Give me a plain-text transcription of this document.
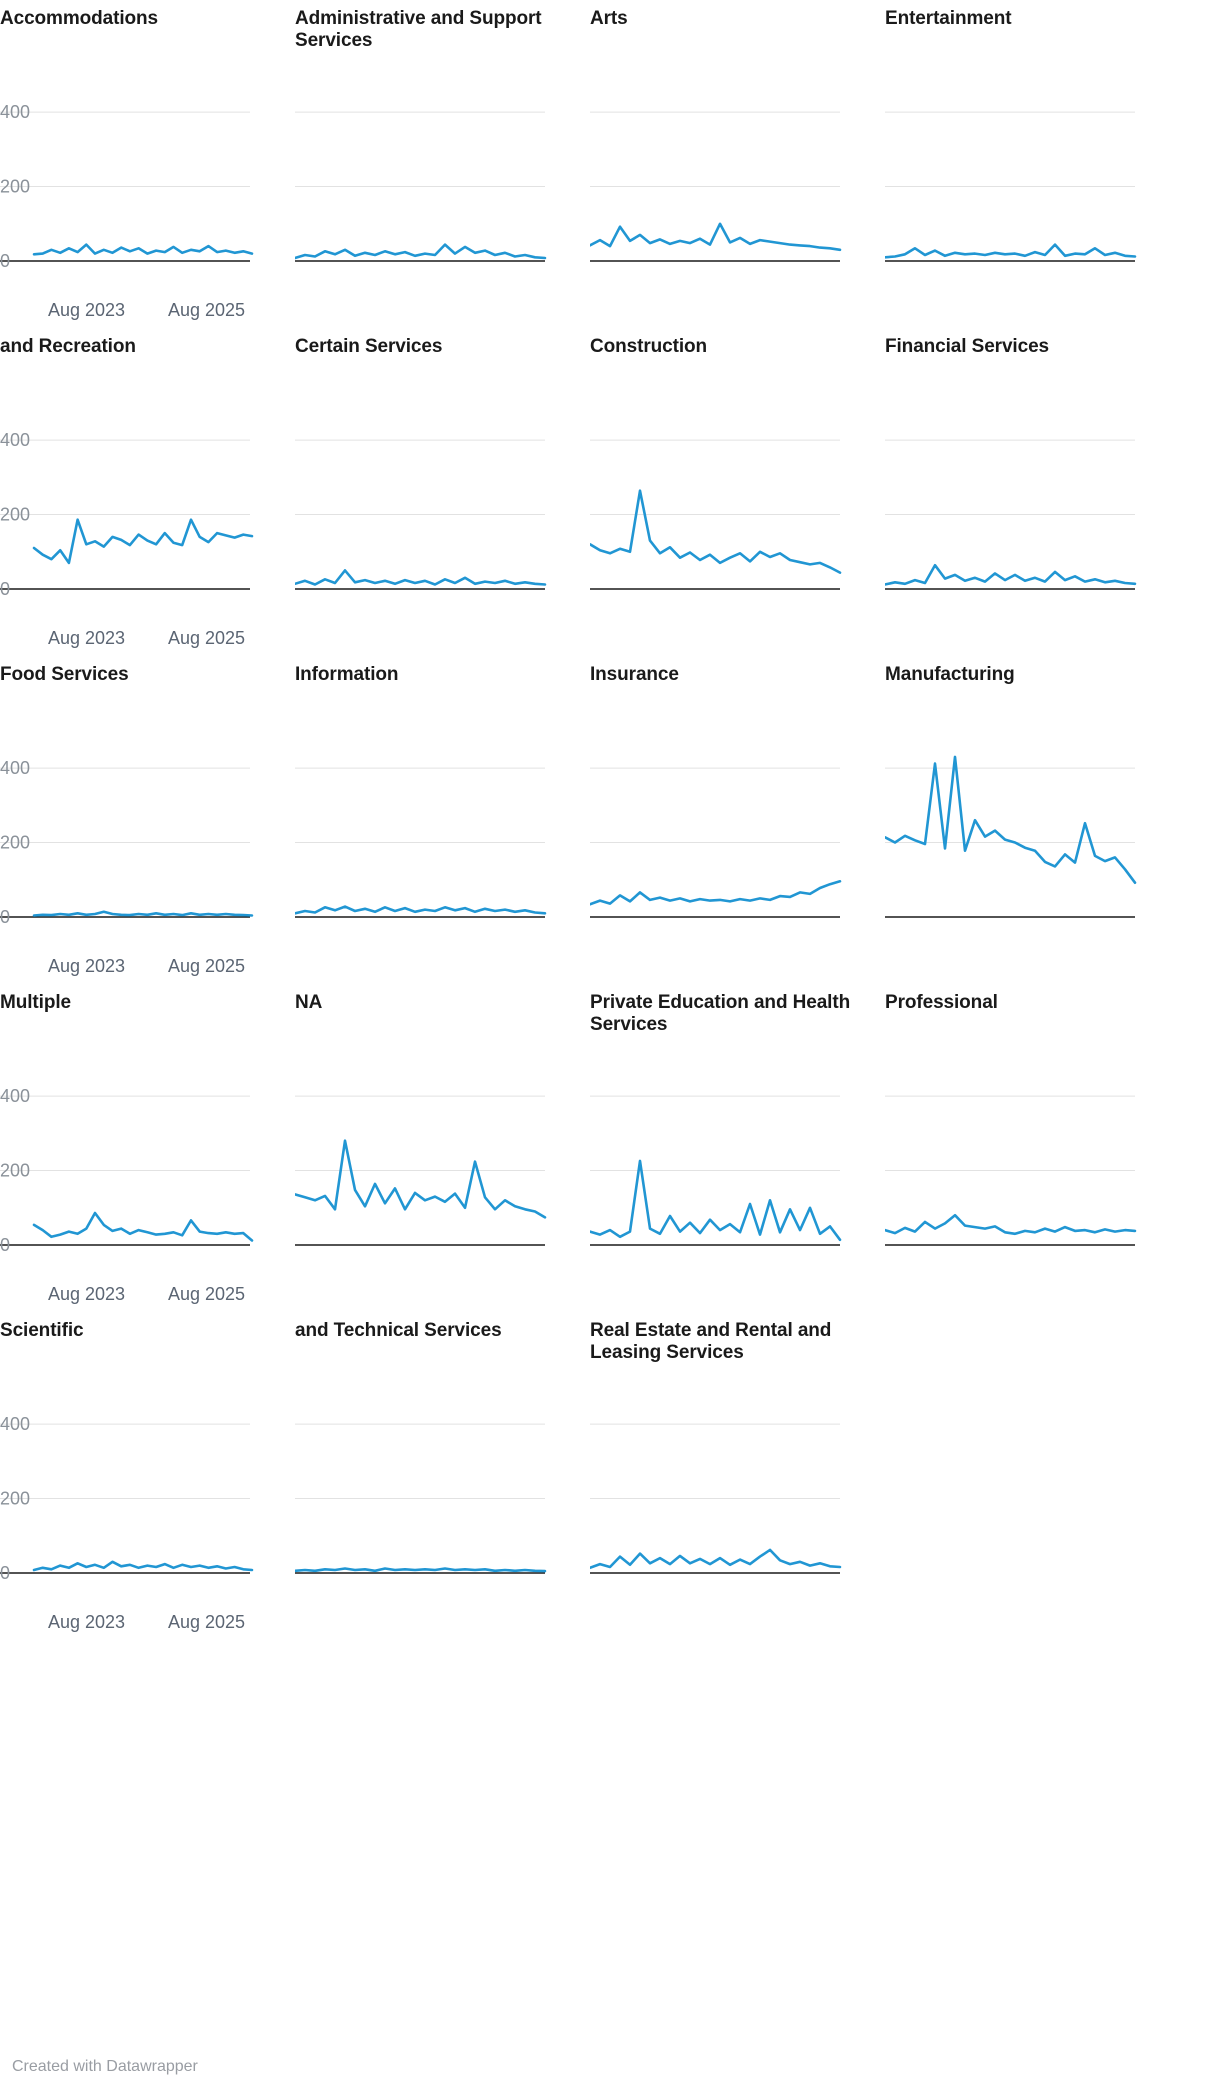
Accommodations
0
200
400
Aug 2023 Aug 2025
Administrative and Support Services
Arts	Entertainment
and Recreation
0
200
400
Aug 2023 Aug 2025
Certain Services	Construction	Financial Services
Food Services
0
200
400
Aug 2023 Aug 2025
Information	Insurance	Manufacturing
Multiple
0
200
400
Aug 2023 Aug 2025
NA	Private Education and Health Services
Professional
Scientific
0
200
400
Aug 2023 Aug 2025
and Technical Services	Real Estate and Rental and Leasing Services
Created with Datawrapper
